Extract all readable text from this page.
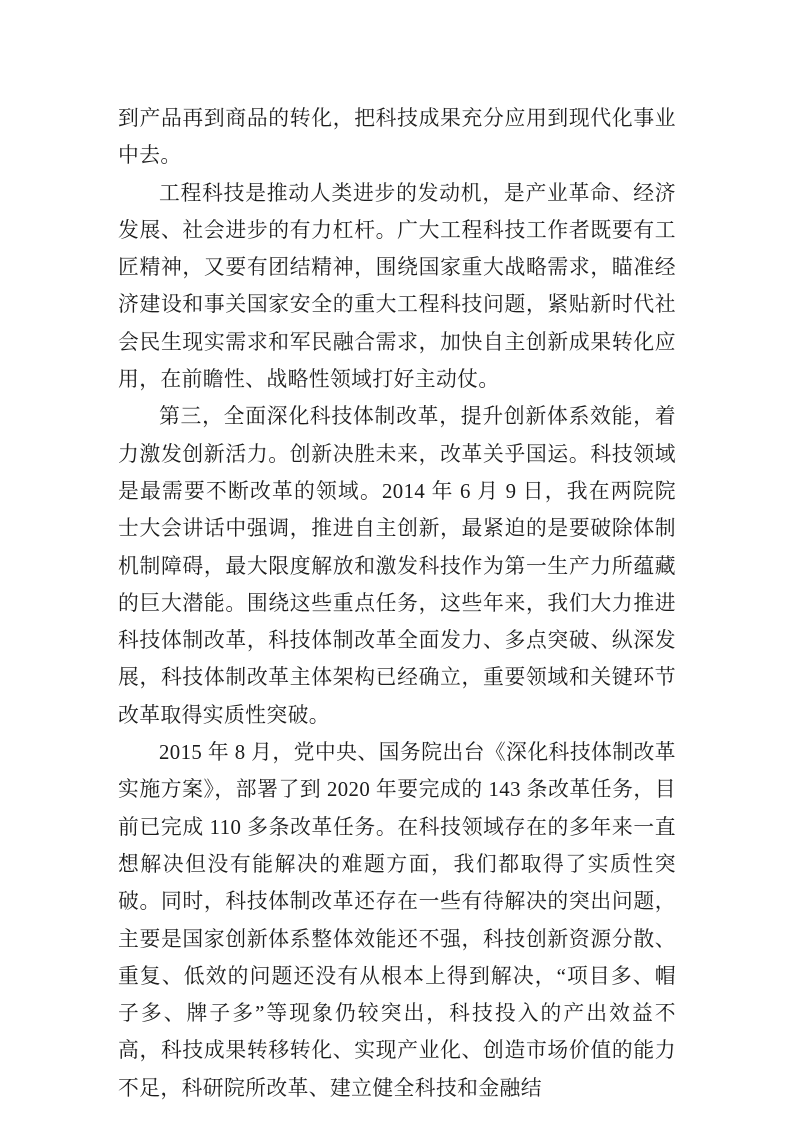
到产品再到商品的转化，把科技成果充分应用到现代化事业中去。

工程科技是推动人类进步的发动机，是产业革命、经济发展、社会进步的有力杠杆。广大工程科技工作者既要有工匠精神，又要有团结精神，围绕国家重大战略需求，瞄准经济建设和事关国家安全的重大工程科技问题，紧贴新时代社会民生现实需求和军民融合需求，加快自主创新成果转化应用，在前瞻性、战略性领域打好主动仗。

第三，全面深化科技体制改革，提升创新体系效能，着力激发创新活力。创新决胜未来，改革关乎国运。科技领域是最需要不断改革的领域。2014 年 6 月 9 日，我在两院院士大会讲话中强调，推进自主创新，最紧迫的是要破除体制机制障碍，最大限度解放和激发科技作为第一生产力所蕴藏的巨大潜能。围绕这些重点任务，这些年来，我们大力推进科技体制改革，科技体制改革全面发力、多点突破、纵深发展，科技体制改革主体架构已经确立，重要领域和关键环节改革取得实质性突破。

2015 年 8 月，党中央、国务院出台《深化科技体制改革实施方案》，部署了到 2020 年要完成的 143 条改革任务，目前已完成 110 多条改革任务。在科技领域存在的多年来一直想解决但没有能解决的难题方面，我们都取得了实质性突破。同时，科技体制改革还存在一些有待解决的突出问题，主要是国家创新体系整体效能还不强，科技创新资源分散、重复、低效的问题还没有从根本上得到解决，“项目多、帽子多、牌子多”等现象仍较突出，科技投入的产出效益不高，科技成果转移转化、实现产业化、创造市场价值的能力不足，科研院所改革、建立健全科技和金融结
